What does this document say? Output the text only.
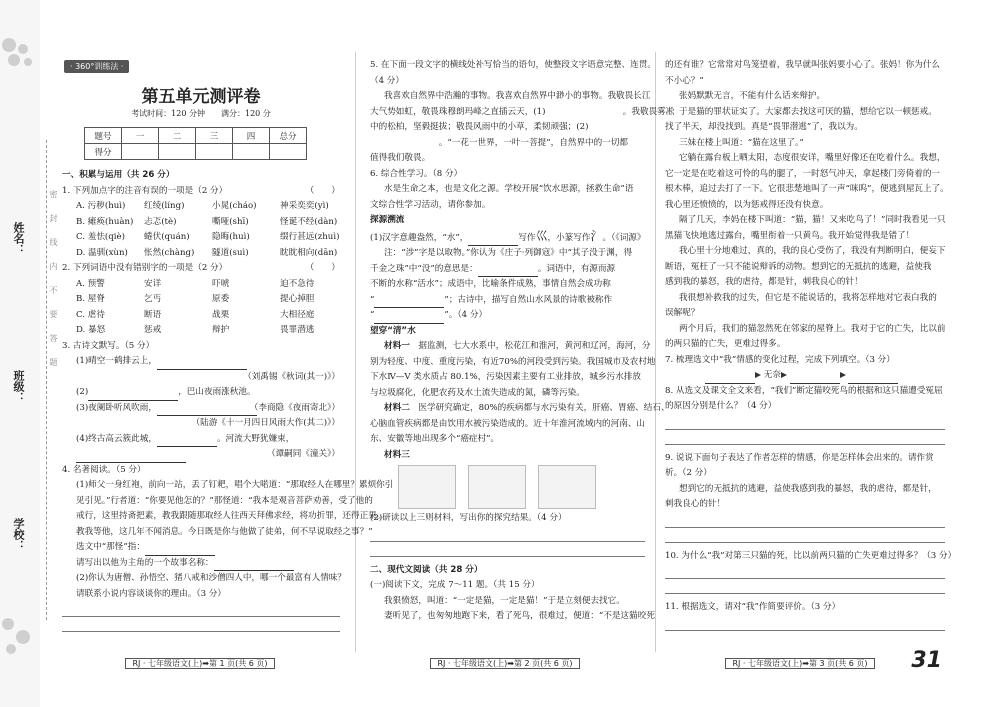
姓名：
班级：
学校：
密　　封　　线　　内　　不　　要　　答　　题
· 360°训练法 ·
第五单元测评卷
考试时间：120 分钟　　满分：120 分
题号	一	二	三	四	总分
得分					

一、积累与运用（共 26 分）

1. 下列加点字的注音有误的一项是（2 分）	（　　）

A. 污秽(huì) 红绫(líng)	小晁(cháo)	神采奕奕(yì)

B. 瘫痪(huàn) 忐忑(tè)	嘶哑(shī)	怪诞不经(dàn)

C. 羞怯(qiè) 蜷伏(quán)	隐晦(huì)	缀行甚远(zhuì)

D. 温驯(xùn) 怅然(chàng) 隧道(suì)	眈眈相向(dān)

2. 下列词语中没有错别字的一项是（2 分）	（　　）

A. 预警	安详	吓唬	迫不急待

B. 屋脊	乞丐	原委	提心掉胆

C. 虐待	断语	战栗	大相径庭

D. 暴怒	惩戒	辩护	畏罪潜逃

3. 古诗文默写。（5 分）

(1)晴空一鹤排云上，

（刘禹锡《秋词(其一)》）

(2)	，巴山夜雨涨秋池。
（李商隐《夜雨寄北》）

(3)夜阑卧听风吹雨，

（陆游《十一月四日风雨大作(其二)》）

(4)终古高云簇此城，	。河流大野犹嫌束，

（谭嗣同《潼关》）

4. 名著阅读。（5 分）

(1)师父一身红袍，前向一站，丢了钉耙，唱个大喏道：“那取经人在哪里？累烦你引

见引见。”行者道：“你要见他怎的？”那怪道：“我本是观音菩萨劝善，受了他的

戒行，这里持斋把素，教我跟随那取经人往西天拜佛求经，将功折罪，还得正果。

教我等他，这几年不闻消息。今日既是你与他做了徒弟，何不早说取经之事？”

选文中“那怪”指：

请写出以他为主角的一个故事名称：

(2)你认为唐僧、孙悟空、猪八戒和沙僧四人中，哪一个最富有人情味？

请联系小说内容谈谈你的理由。（3 分）

5. 在下面一段文字的横线处补写恰当的语句，使整段文字语意完整、连贯。

（4 分）

我喜欢自然界中浩瀚的事物。我喜欢自然界中渺小的事物。我敬畏长江

大气势如虹，敬畏珠穆朗玛峰之直插云天，(1)　　　　　　　　　。我敬畏雾凇

中的松柏，坚毅挺拔；敬畏风雨中的小草，柔韧顽强；(2)　　　　　　　　　

　　　　　　　　。“一花一世界，一叶一菩提”，自然界中的一切都

值得我们敬畏。

6. 综合性学习。（8 分）

水是生命之本，也是文化之源。学校开展“饮水思源，拯救生命”语

文综合性学习活动，请你参加。

探源溯流

(1)汉字意趣盎然，“水”，	写作巛，小篆写作氵。（《词源》

注：“涉”字是以取物。”你认为《庄子·列御寇》中“其子没于渊，得

千金之珠”中“没”的意思是：	。词语中，有源而源

不断的水称“活水”；成语中，比喻条件成熟，事情自然会成功称

“	”；古诗中，描写自然山水风景的诗歌被称作

“	”。（4 分）

望穿“清”水

材料一　 据监测，七大水系中，松花江和淮河，黄河和辽河，海河，分

别为轻度、中度、重度污染，有近70%的河段受到污染。我国城市及农村地

下水Ⅳ—Ⅴ 类水质占 80.1%，污染因素主要有工业排放，城乡污水排放

与垃圾腐化，化肥农药及水土流失造成的氮，磷等污染。

材料二　 医学研究确定，80%的疾病都与水污染有关，肝癌、胃癌、结石、

心脑血管疾病都是由饮用水被污染造成的。近十年淮河流域内的河南、山

东、安徽等地出现多个“癌症村”。

材料三

(2)研读以上三则材料，写出你的探究结果。（4 分）

二、现代文阅读（共 28 分）

(一)阅读下文，完成 7～11 题。（共 15 分）

我狠愤怒，叫道：“一定是猫，一定是猫！”于是立刻便去找它。

妻听见了，也匆匆地跑下来，看了死鸟，很难过，便道：“不是这猫咬死

的还有谁？它常常对鸟笼望着，我早就叫张妈要小心了。张妈！你为什么

不小心？”

张妈默默无言，不能有什么话来辩护。

于是猫的罪状证实了。大家都去找这可厌的猫，想给它以一顿惩戒。

找了半天，却没找到。真是“畏罪潜逃”了，我以为。

三妹在楼上叫道：“猫在这里了。”

它躺在露台板上晒太阳，态度很安详，嘴里好像还在吃着什么。我想，

它一定是在吃着这可怜的鸟的腿了，一时怒气冲天，拿起楼门旁倚着的一

根木棒，追过去打了一下。它很悲楚地叫了一声“咪呜”，便逃到屋瓦上了。

我心里还愤愤的，以为惩戒得还没有快意。

隔了几天，李妈在楼下叫道：“猫，猫！又来吃鸟了！”同时我看见一只

黑猫飞快地逃过露台，嘴里衔着一只黄鸟。我开始觉得我是错了！

我心里十分地难过，真的，我的良心受伤了，我没有判断明白，便妄下

断语，冤枉了一只不能说辩诉的动物。想到它的无抵抗的逃避，益使我

感到我的暴怒，我的虐待，都是针，刺我良心的针！

我很想补救我的过失，但它是不能说话的，我将怎样地对它表白我的

误解呢？

两个月后，我们的猫忽然死在邻家的屋脊上。我对于它的亡失，比以前

的两只猫的亡失，更难过得多。

7. 梳理选文中“我”情感的变化过程，完成下列填空。（3 分）

无奈

8. 从选文及课文全文来看，“我们”断定猫咬死鸟的根据和这只猫遭受冤屈

的原因分别是什么？（4 分）

9. 说说下面句子表达了作者怎样的情感，你是怎样体会出来的。请作赏

析。（2 分）

想到它的无抵抗的逃避，益使我感到我的暴怒，我的虐待，都是针，

刺我良心的针！

10. 为什么“我”对第三只猫的死，比以前两只猫的亡失更难过得多？（3 分）

11. 根据选文，请对“我”作简要评价。（3 分）

RJ · 七年级语文(上)➡第 1 页(共 6 页)	RJ · 七年级语文(上)➡第 2 页(共 6 页)	RJ · 七年级语文(上)➡第 3 页(共 6 页)	31
